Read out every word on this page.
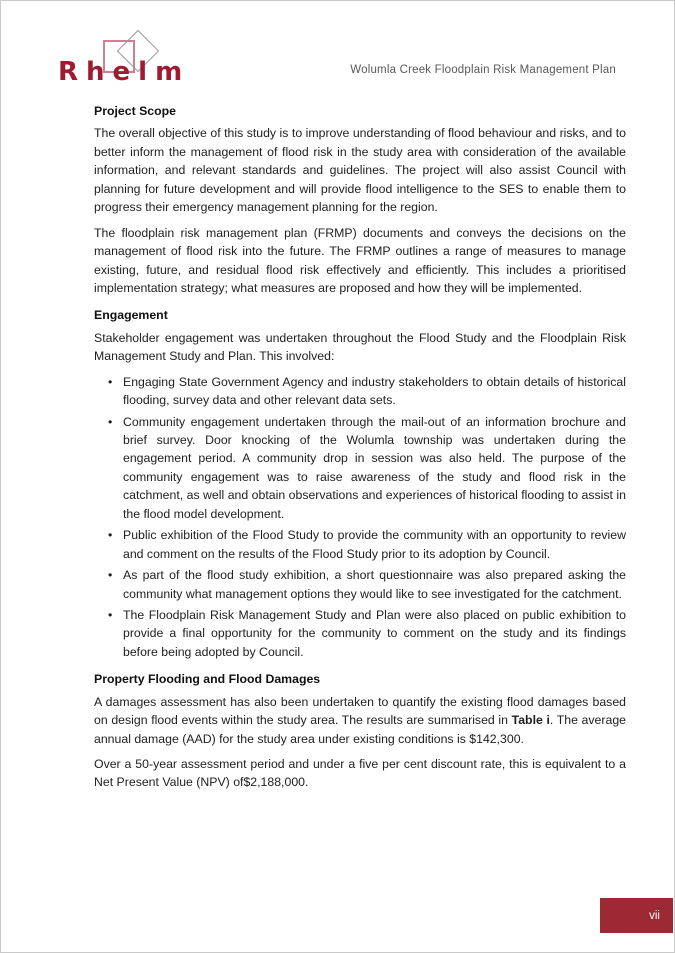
Rhelm	Wolumla Creek Floodplain Risk Management Plan
Project Scope

The overall objective of this study is to improve understanding of flood behaviour and risks, and to better inform the management of flood risk in the study area with consideration of the available information, and relevant standards and guidelines. The project will also assist Council with planning for future development and will provide flood intelligence to the SES to enable them to progress their emergency management planning for the region.

The floodplain risk management plan (FRMP) documents and conveys the decisions on the management of flood risk into the future. The FRMP outlines a range of measures to manage existing, future, and residual flood risk effectively and efficiently. This includes a prioritised implementation strategy; what measures are proposed and how they will be implemented.

Engagement

Stakeholder engagement was undertaken throughout the Flood Study and the Floodplain Risk Management Study and Plan. This involved:

• Engaging State Government Agency and industry stakeholders to obtain details of historical flooding, survey data and other relevant data sets.
• Community engagement undertaken through the mail-out of an information brochure and brief survey. Door knocking of the Wolumla township was undertaken during the engagement period. A community drop in session was also held. The purpose of the community engagement was to raise awareness of the study and flood risk in the catchment, as well and obtain observations and experiences of historical flooding to assist in the flood model development.
• Public exhibition of the Flood Study to provide the community with an opportunity to review and comment on the results of the Flood Study prior to its adoption by Council.
• As part of the flood study exhibition, a short questionnaire was also prepared asking the community what management options they would like to see investigated for the catchment.
• The Floodplain Risk Management Study and Plan were also placed on public exhibition to provide a final opportunity for the community to comment on the study and its findings before being adopted by Council.
Property Flooding and Flood Damages

A damages assessment has also been undertaken to quantify the existing flood damages based on design flood events within the study area. The results are summarised in Table i. The average annual damage (AAD) for the study area under existing conditions is $142,300.

Over a 50-year assessment period and under a five per cent discount rate, this is equivalent to a Net Present Value (NPV) of$2,188,000.

vii
